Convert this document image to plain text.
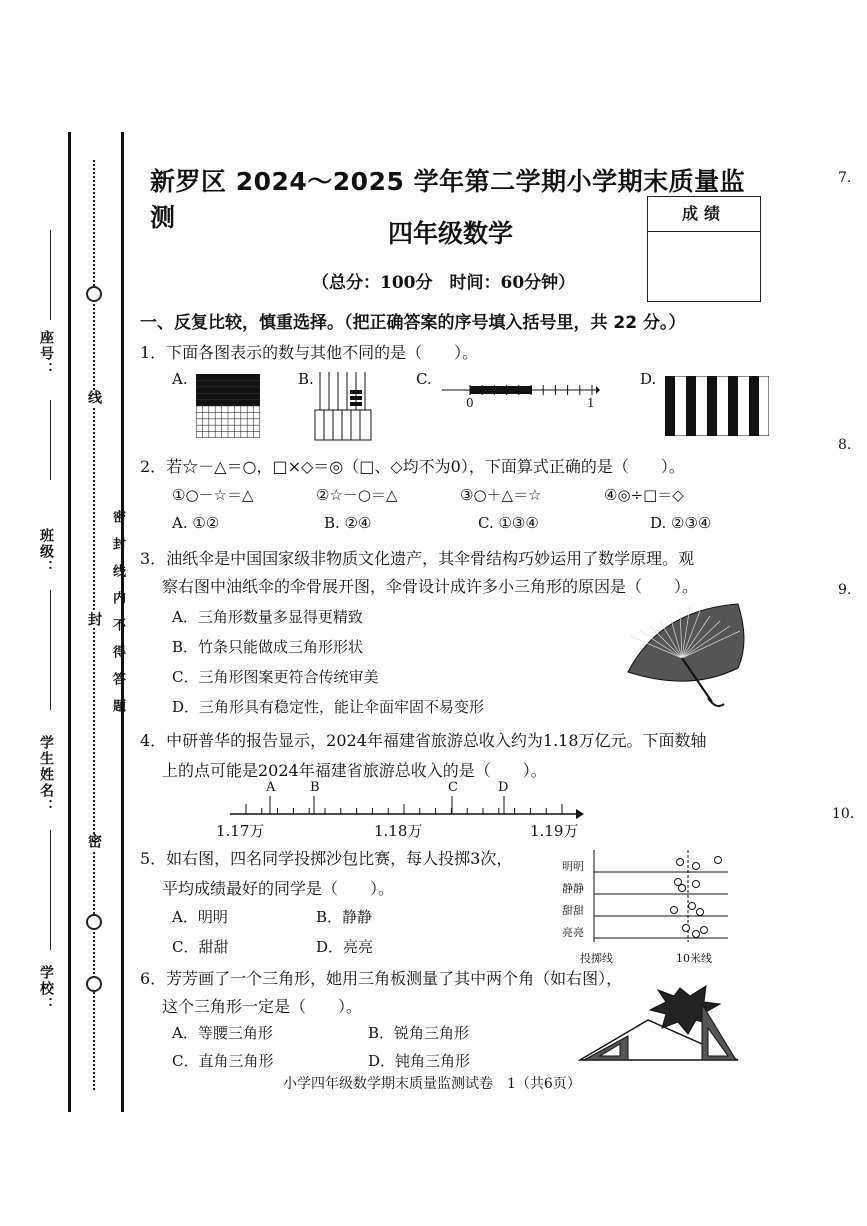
座号：
班级：
学生姓名：
学校：
密封线内不得答题
线
封
密
新罗区 2024～2025 学年第二学期小学期末质量监测
四年级数学
（总分：100分　时间：60分钟）
成绩
一、反复比较，慎重选择。（把正确答案的序号填入括号里，共 22 分。）
1．下面各图表示的数与其他不同的是（　　）。
A.	B.	C.
0	1
D.
2．若☆－△＝○，□×◇＝◎（□、◇均不为0），下面算式正确的是（　　）。
①○－☆＝△	②☆－○＝△	③○＋△＝☆	④◎÷□＝◇
A. ①②	B. ②④	C. ①③④	D. ②③④
3．油纸伞是中国国家级非物质文化遗产，其伞骨结构巧妙运用了数学原理。观
察右图中油纸伞的伞骨展开图，伞骨设计成许多小三角形的原因是（　　）。
A．三角形数量多显得更精致
B．竹条只能做成三角形形状
C．三角形图案更符合传统审美
D．三角形具有稳定性，能让伞面牢固不易变形
4．中研普华的报告显示，2024年福建省旅游总收入约为1.18万亿元。下面数轴
上的点可能是2024年福建省旅游总收入的是（　　）。
1.17万	1.18万	1.19万
A	B	C	D
5．如右图，四名同学投掷沙包比赛，每人投掷3次，
平均成绩最好的同学是（　　）。
A．明明	B．静静
C．甜甜	D．亮亮
明明
静静
甜甜
亮亮
投掷线	10米线
6．芳芳画了一个三角形，她用三角板测量了其中两个角（如右图），
这个三角形一定是（　　）。
A．等腰三角形	B．锐角三角形
C．直角三角形	D．钝角三角形
7.
8.
9.
10.
小学四年级数学期末质量监测试卷　1（共6页）
